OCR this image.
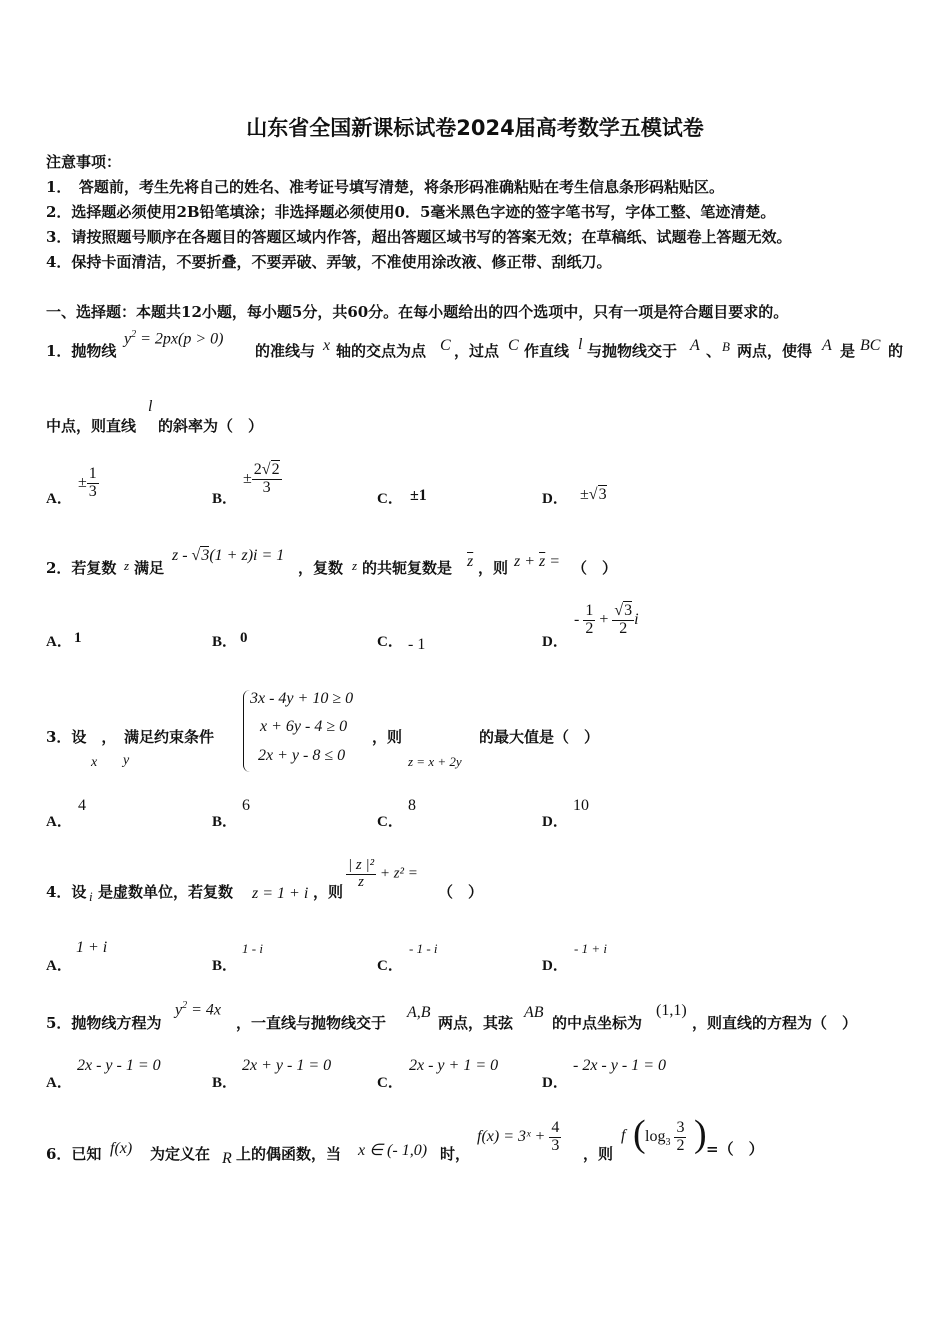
山东省全国新课标试卷2024届高考数学五模试卷
注意事项：
1．　答题前，考生先将自己的姓名、准考证号填写清楚，将条形码准确粘贴在考生信息条形码粘贴区。
2．选择题必须使用2B铅笔填涂；非选择题必须使用0．5毫米黑色字迹的签字笔书写，字体工整、笔迹清楚。
3．请按照题号顺序在各题目的答题区域内作答，超出答题区域书写的答案无效；在草稿纸、试题卷上答题无效。
4．保持卡面清洁，不要折叠，不要弄破、弄皱，不准使用涂改液、修正带、刮纸刀。
一、选择题：本题共12小题，每小题5分，共60分。在每小题给出的四个选项中，只有一项是符合题目要求的。
1．抛物线
$y^2 = 2px(p > 0)$
的准线与 x 轴的交点为点 C ，过点 C 作直线 l 与抛物线交于 A 、 B 两点，使得 A 是 BC 的
中点，则直线
l
的斜率为（　）
A．
± $\frac{1}{3}$	B．
± $\frac{2√2}{3}$
C． ±1	D． ±√3
2．若复数 z 满足
z - √3(1 + z)i = 1
，复数 z 的共轭复数是 $\overline{z}$ ，则 $z + \overline{z}$ = （　）
A． 1	B． 0	C． - 1	D．
- $\frac{1}{2} + \frac{√3}{2}$ i
3．设　，　满足约束条件
x y
3x - 4y + 10 ≥ 0
x + 6y - 4 ≥ 0
2x + y - 8 ≤ 0
，则
z = x + 2y
的最大值是（　）
A．
4
B．
6
C．
8
D．
10
4．设 i 是虚数单位，若复数 z = 1 + i ，则
$\frac{\text{| z |²}}{z} + z^2$ =
（　）
A．
1 + i
B．
1 - i
C．
- 1 - i
D．
- 1 + i
5．抛物线方程为
$y^2 = 4x$
，一直线与抛物线交于
A,B
两点，其弦
AB
的中点坐标为
(1,1)
，则直线的方程为（　）
A．
2x - y - 1 = 0
B．
2x + y - 1 = 0
C．
2x - y + 1 = 0
D．
- 2x - y - 1 = 0
6．已知 f(x) 为定义在 R 上的偶函数，当 x ∈ (- 1,0) 时，
f(x) = 3ˣ + $\frac{4}{3}$ ，则
f ( $\log_3 \frac{3}{2}$ ) =（　）
